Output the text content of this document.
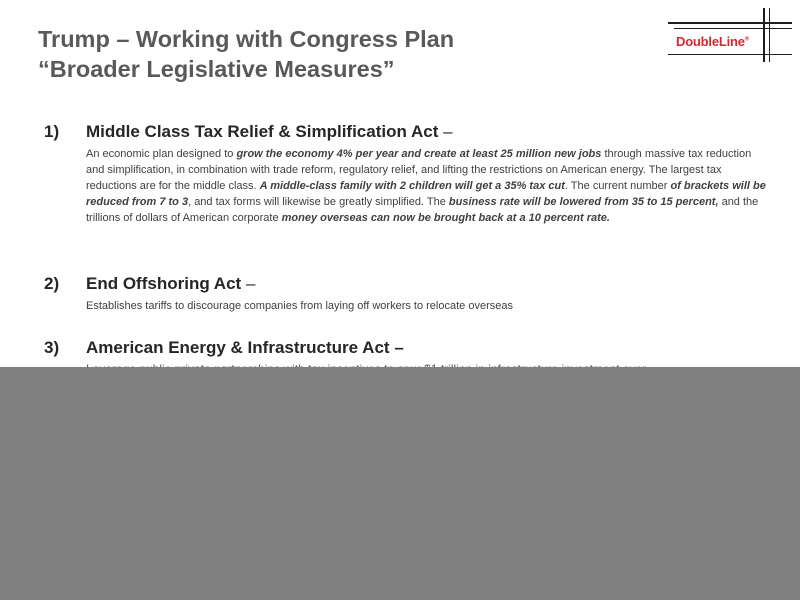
Trump – Working with Congress Plan
“Broader Legislative Measures”
DoubleLine®
1) Middle Class Tax Relief & Simplification Act –
An economic plan designed to grow the economy 4% per year and create at least 25 million new jobs through massive tax reduction and simplification, in combination with trade reform, regulatory relief, and lifting the restrictions on American energy. The largest tax reductions are for the middle class. A middle-class family with 2 children will get a 35% tax cut. The current number of brackets will be reduced from 7 to 3, and tax forms will likewise be greatly simplified. The business rate will be lowered from 35 to 15 percent, and the trillions of dollars of American corporate money overseas can now be brought back at a 10 percent rate.
2) End Offshoring Act –
Establishes tariffs to discourage companies from laying off workers to relocate overseas
3) American Energy & Infrastructure Act –
